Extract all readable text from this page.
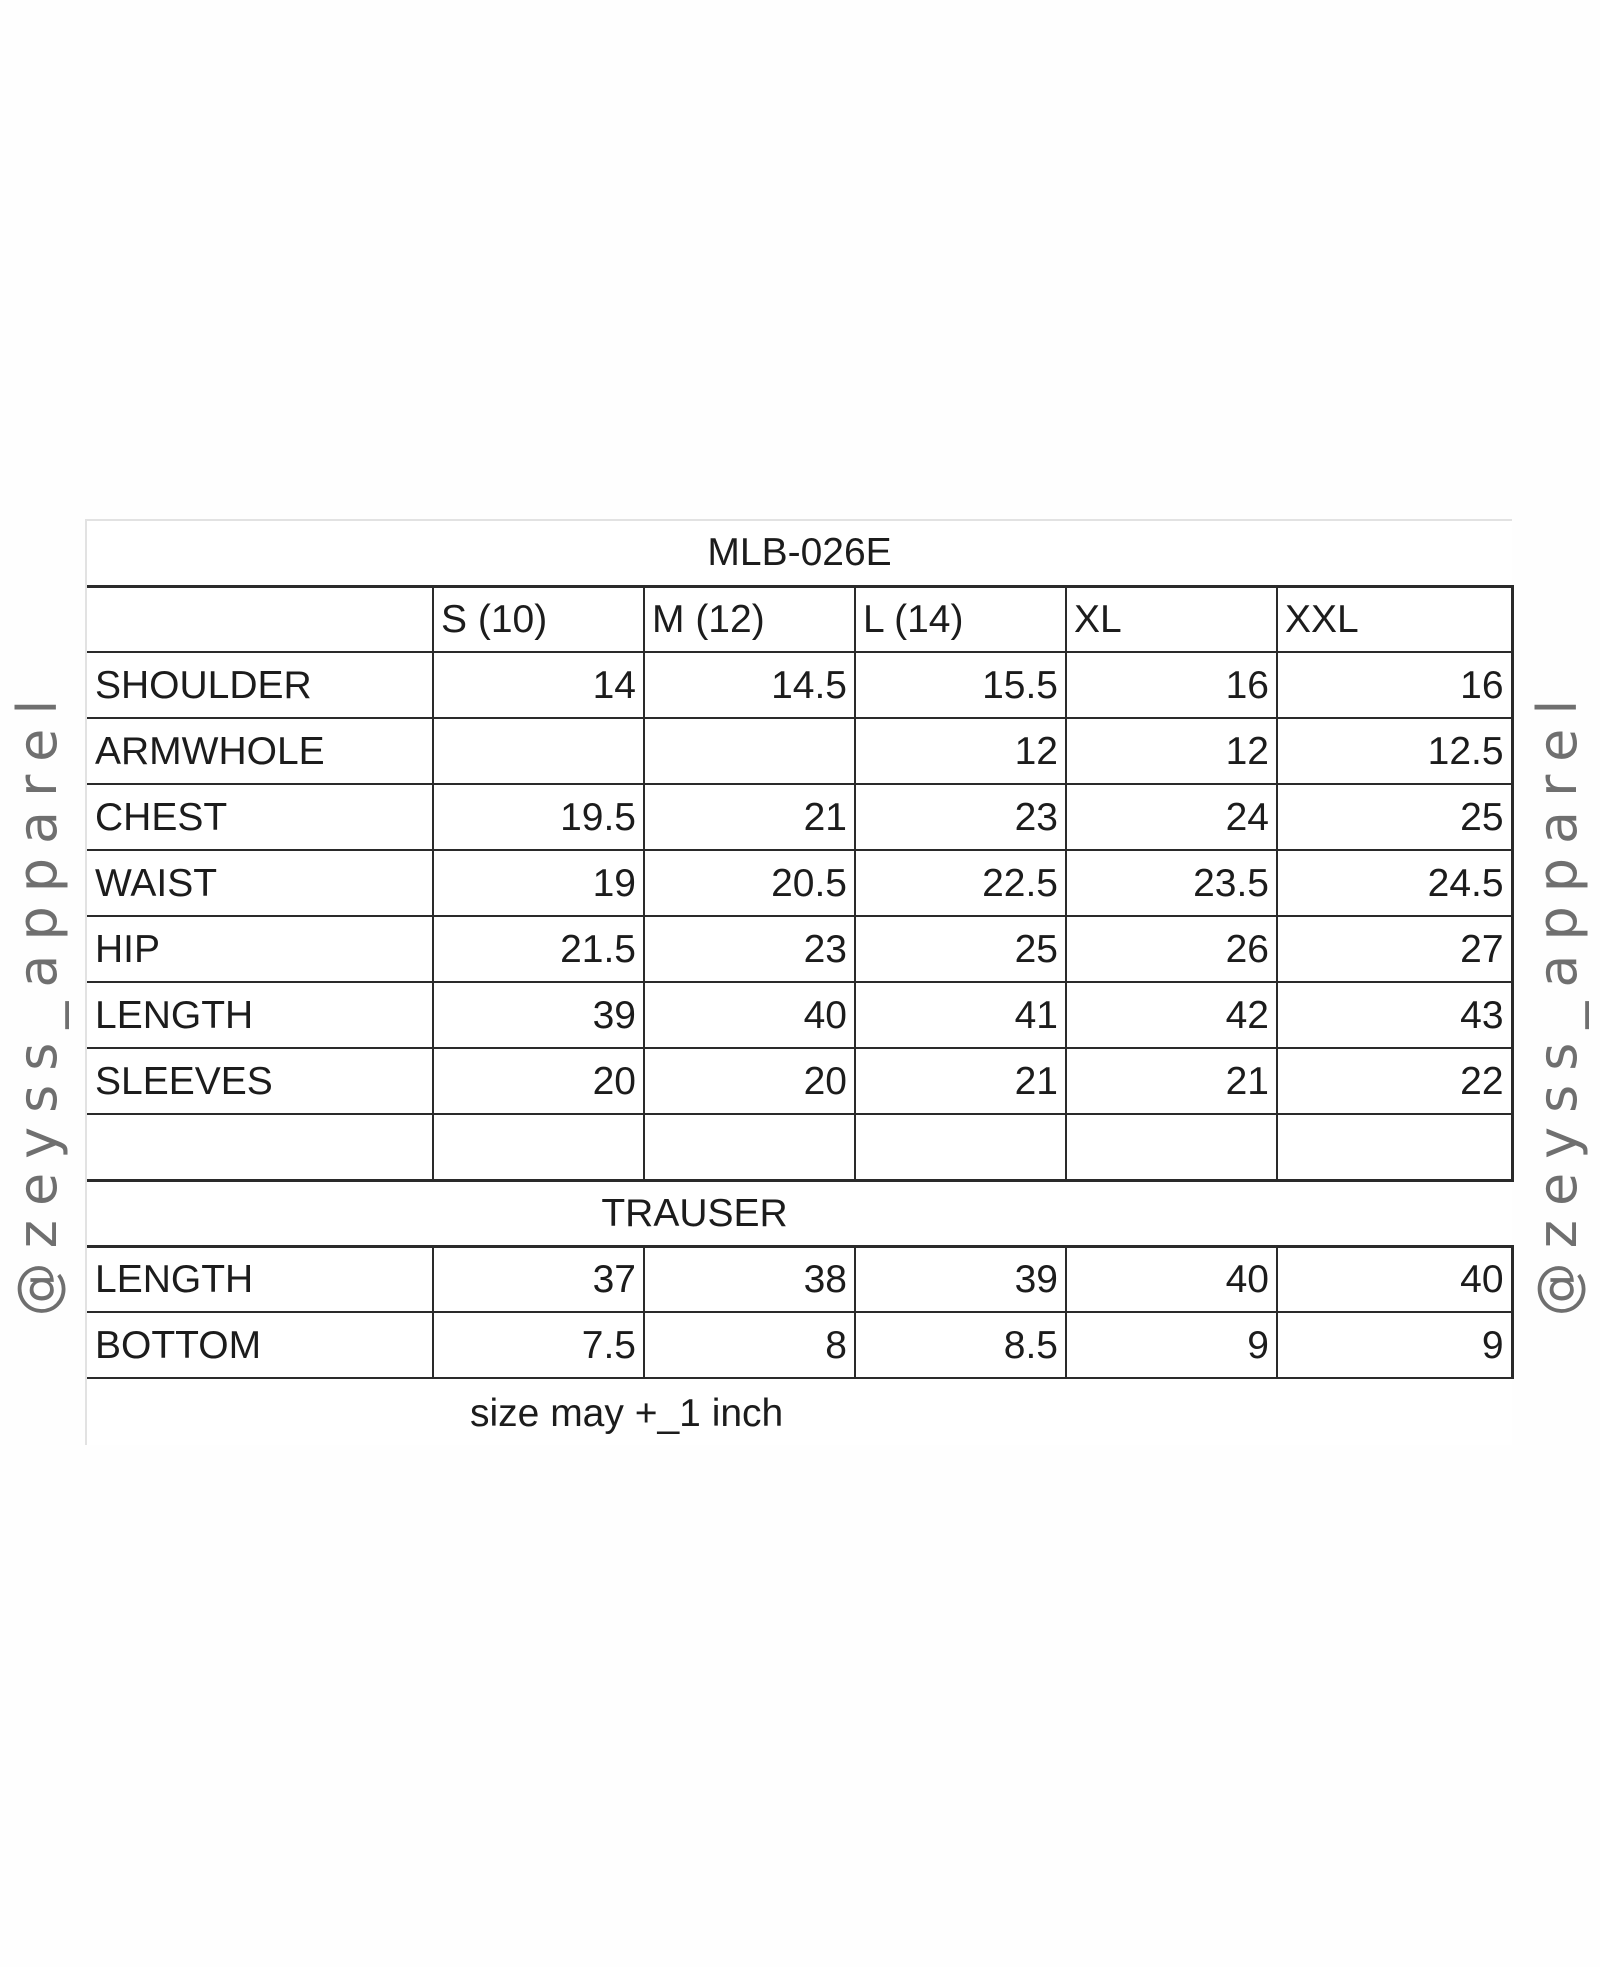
MLB-026E					
	S (10)	M (12)	L (14)	XL	XXL
SHOULDER	14	14.5	15.5	16	16
ARMWHOLE			12	12	12.5
CHEST	19.5	21	23	24	25
WAIST	19	20.5	22.5	23.5	24.5
HIP	21.5	23	25	26	27
LENGTH	39	40	41	42	43
SLEEVES	20	20	21	21	22

TRAUSER					
LENGTH	37	38	39	40	40
BOTTOM	7.5	8	8.5	9	9
size may +_1 inch					
@zeyss_apparel	@zeyss_apparel
